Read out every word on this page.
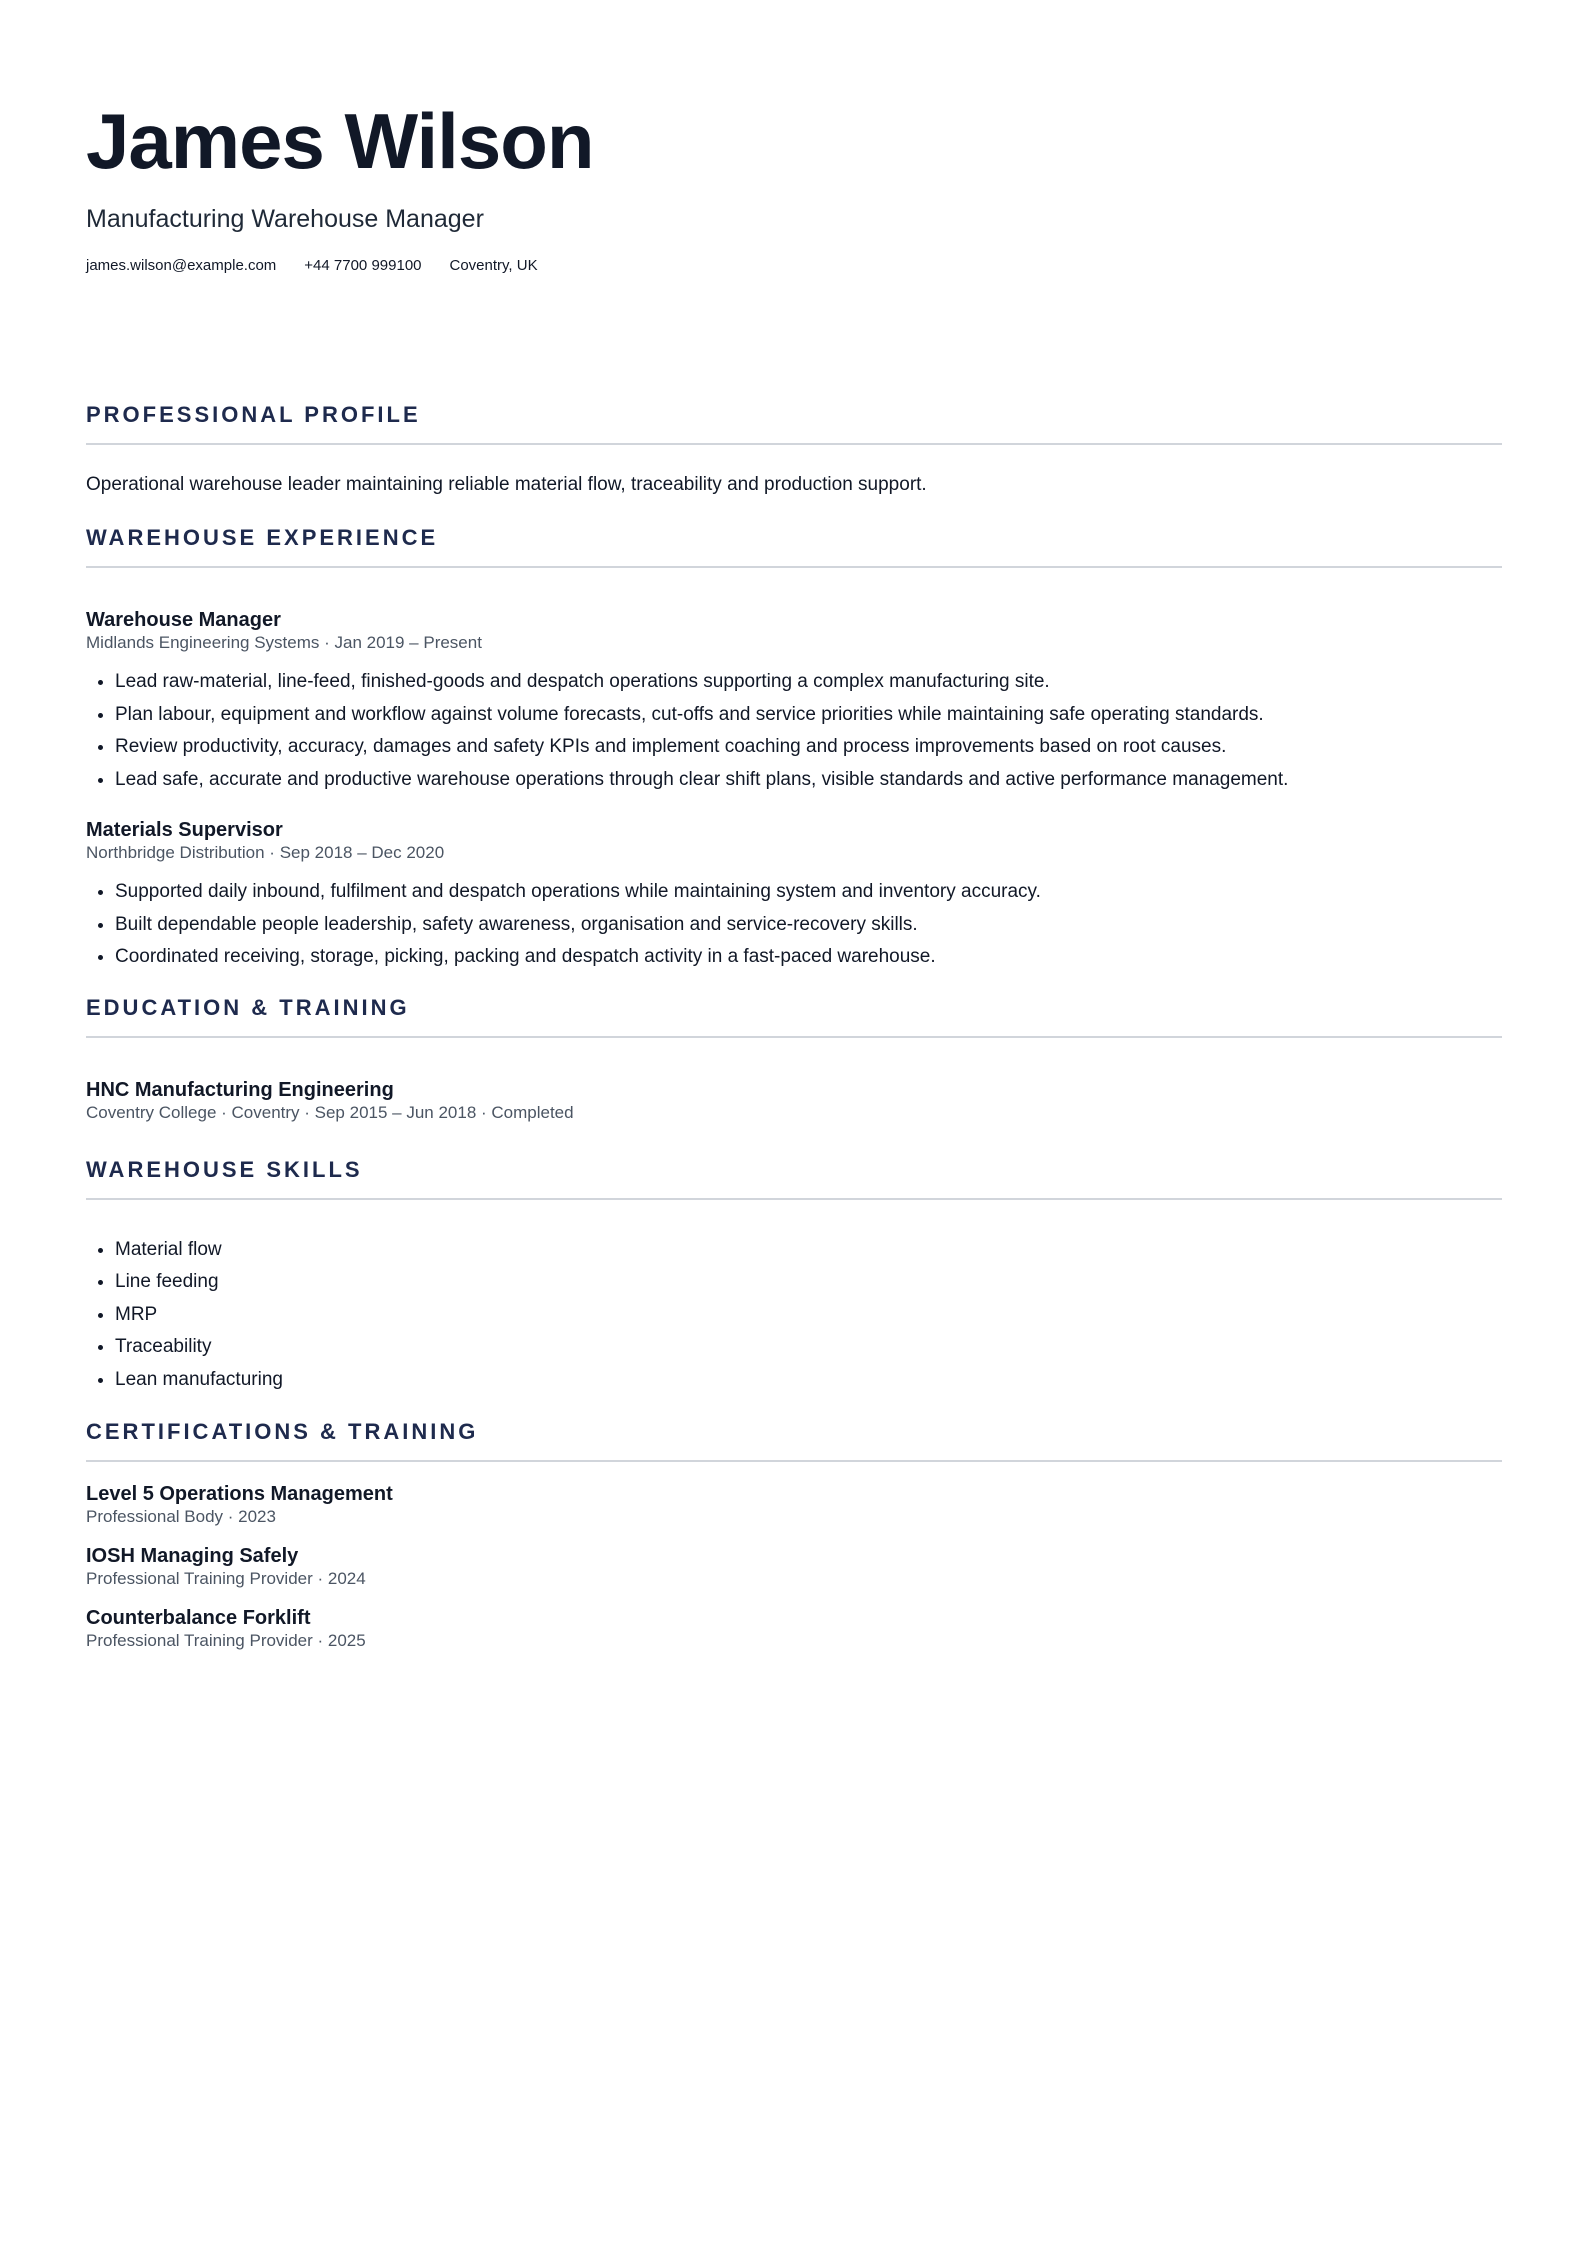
James Wilson
Manufacturing Warehouse Manager
james.wilson@example.com +44 7700 999100 Coventry, UK
PROFESSIONAL PROFILE
Operational warehouse leader maintaining reliable material flow, traceability and production support.
WAREHOUSE EXPERIENCE
Warehouse Manager
Midlands Engineering Systems · Jan 2019 – Present
• Lead raw-material, line-feed, finished-goods and despatch operations supporting a complex manufacturing site.
• Plan labour, equipment and workflow against volume forecasts, cut-offs and service priorities while maintaining safe operating standards.
• Review productivity, accuracy, damages and safety KPIs and implement coaching and process improvements based on root causes.
• Lead safe, accurate and productive warehouse operations through clear shift plans, visible standards and active performance management.
Materials Supervisor
Northbridge Distribution · Sep 2018 – Dec 2020
• Supported daily inbound, fulfilment and despatch operations while maintaining system and inventory accuracy.
• Built dependable people leadership, safety awareness, organisation and service-recovery skills.
• Coordinated receiving, storage, picking, packing and despatch activity in a fast-paced warehouse.
EDUCATION & TRAINING
HNC Manufacturing Engineering
Coventry College · Coventry · Sep 2015 – Jun 2018 · Completed
WAREHOUSE SKILLS
• Material flow
• Line feeding
• MRP
• Traceability
• Lean manufacturing
CERTIFICATIONS & TRAINING
Level 5 Operations Management
Professional Body · 2023
IOSH Managing Safely
Professional Training Provider · 2024
Counterbalance Forklift
Professional Training Provider · 2025
